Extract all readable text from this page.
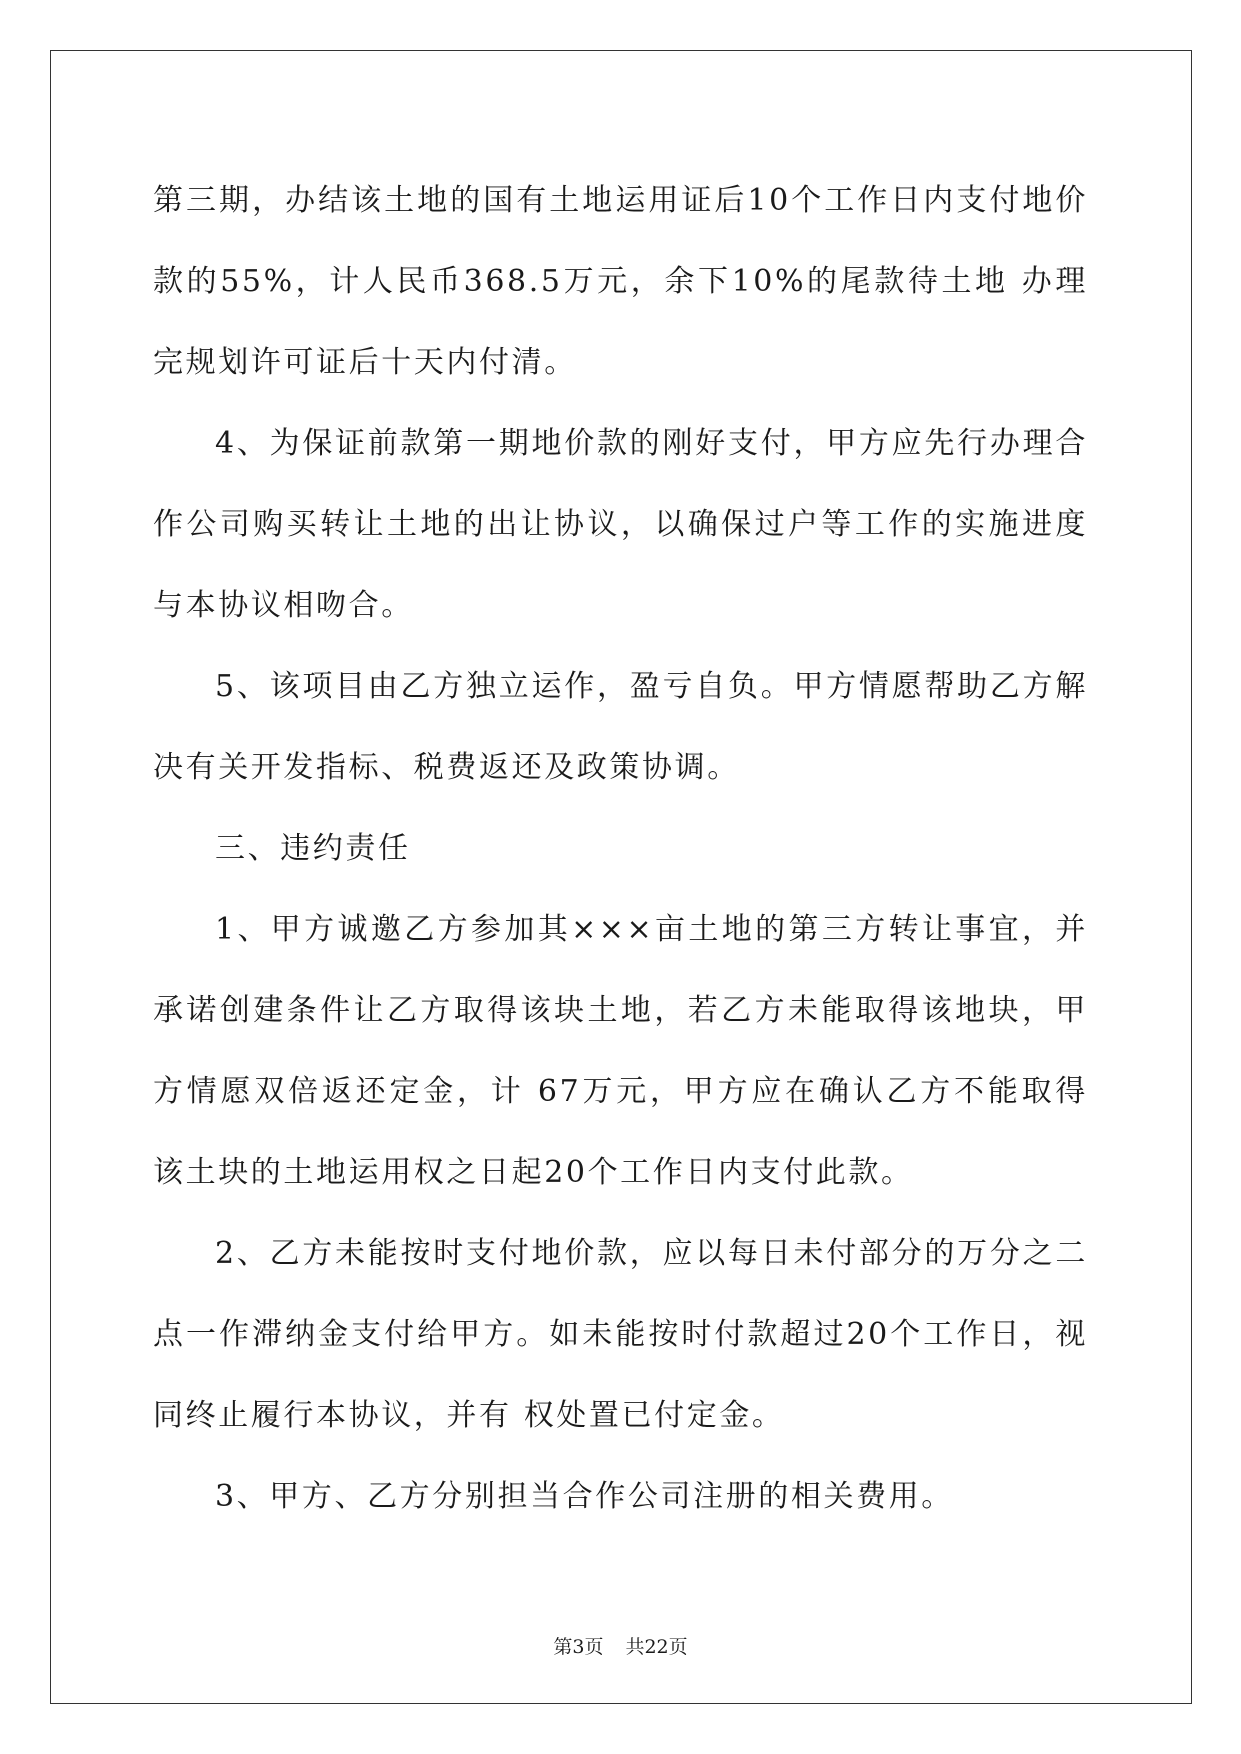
第三期，办结该土地的国有土地运用证后10个工作日内支付地价款的55%，计人民币368.5万元，余下10%的尾款待土地 办理完规划许可证后十天内付清。

4、为保证前款第一期地价款的刚好支付，甲方应先行办理合作公司购买转让土地的出让协议，以确保过户等工作的实施进度与本协议相吻合。

5、该项目由乙方独立运作，盈亏自负。甲方情愿帮助乙方解决有关开发指标、税费返还及政策协调。

三、违约责任

1、甲方诚邀乙方参加其×××亩土地的第三方转让事宜，并承诺创建条件让乙方取得该块土地，若乙方未能取得该地块，甲方情愿双倍返还定金，计 67万元，甲方应在确认乙方不能取得该土块的土地运用权之日起20个工作日内支付此款。

2、乙方未能按时支付地价款，应以每日未付部分的万分之二点一作滞纳金支付给甲方。如未能按时付款超过20个工作日，视同终止履行本协议，并有 权处置已付定金。

3、甲方、乙方分别担当合作公司注册的相关费用。

第3页 共22页
